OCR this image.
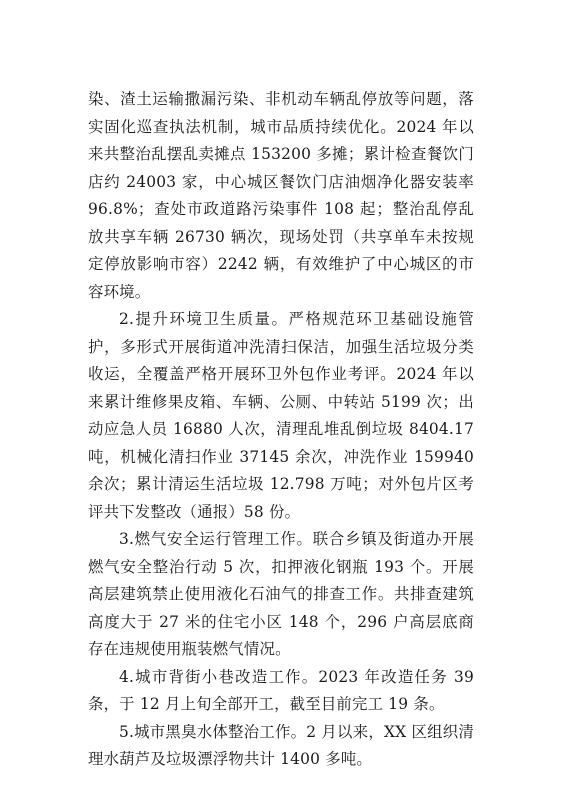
染、渣土运输撒漏污染、非机动车辆乱停放等问题，落实固化巡查执法机制，城市品质持续优化。2024 年以来共整治乱摆乱卖摊点 153200 多摊；累计检查餐饮门店约 24003 家，中心城区餐饮门店油烟净化器安装率 96.8%；查处市政道路污染事件 108 起；整治乱停乱放共享车辆 26730 辆次，现场处罚（共享单车未按规定停放影响市容）2242 辆，有效维护了中心城区的市容环境。

2.提升环境卫生质量。严格规范环卫基础设施管护，多形式开展街道冲洗清扫保洁，加强生活垃圾分类收运，全覆盖严格开展环卫外包作业考评。2024 年以来累计维修果皮箱、车辆、公厕、中转站 5199 次；出动应急人员 16880 人次，清理乱堆乱倒垃圾 8404.17 吨，机械化清扫作业 37145 余次，冲洗作业 159940 余次；累计清运生活垃圾 12.798 万吨；对外包片区考评共下发整改（通报）58 份。

3.燃气安全运行管理工作。联合乡镇及街道办开展燃气安全整治行动 5 次，扣押液化钢瓶 193 个。开展高层建筑禁止使用液化石油气的排查工作。共排查建筑高度大于 27 米的住宅小区 148 个，296 户高层底商存在违规使用瓶装燃气情况。

4.城市背街小巷改造工作。2023 年改造任务 39 条，于 12 月上旬全部开工，截至目前完工 19 条。

5.城市黑臭水体整治工作。2 月以来，XX 区组织清理水葫芦及垃圾漂浮物共计 1400 多吨。
